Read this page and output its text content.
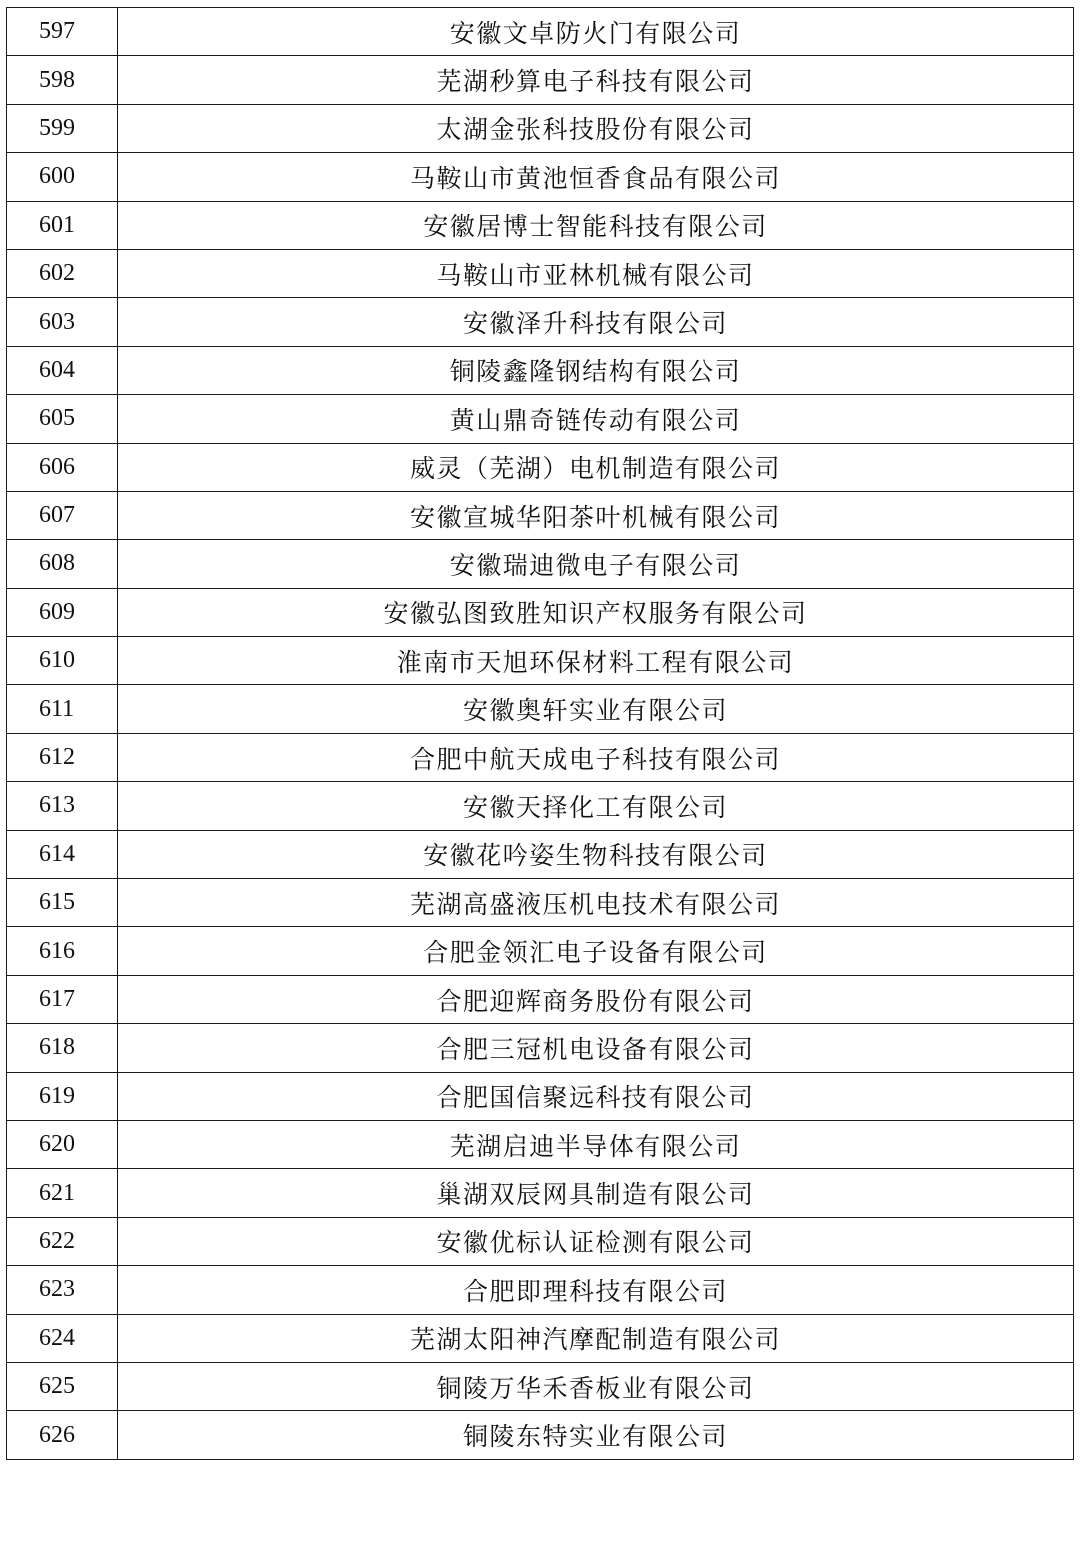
597	安徽文卓防火门有限公司
598	芜湖秒算电子科技有限公司
599	太湖金张科技股份有限公司
600	马鞍山市黄池恒香食品有限公司
601	安徽居博士智能科技有限公司
602	马鞍山市亚林机械有限公司
603	安徽泽升科技有限公司
604	铜陵鑫隆钢结构有限公司
605	黄山鼎奇链传动有限公司
606	威灵（芜湖）电机制造有限公司
607	安徽宣城华阳茶叶机械有限公司
608	安徽瑞迪微电子有限公司
609	安徽弘图致胜知识产权服务有限公司
610	淮南市天旭环保材料工程有限公司
611	安徽奥轩实业有限公司
612	合肥中航天成电子科技有限公司
613	安徽天择化工有限公司
614	安徽花吟姿生物科技有限公司
615	芜湖高盛液压机电技术有限公司
616	合肥金领汇电子设备有限公司
617	合肥迎辉商务股份有限公司
618	合肥三冠机电设备有限公司
619	合肥国信聚远科技有限公司
620	芜湖启迪半导体有限公司
621	巢湖双辰网具制造有限公司
622	安徽优标认证检测有限公司
623	合肥即理科技有限公司
624	芜湖太阳神汽摩配制造有限公司
625	铜陵万华禾香板业有限公司
626	铜陵东特实业有限公司
